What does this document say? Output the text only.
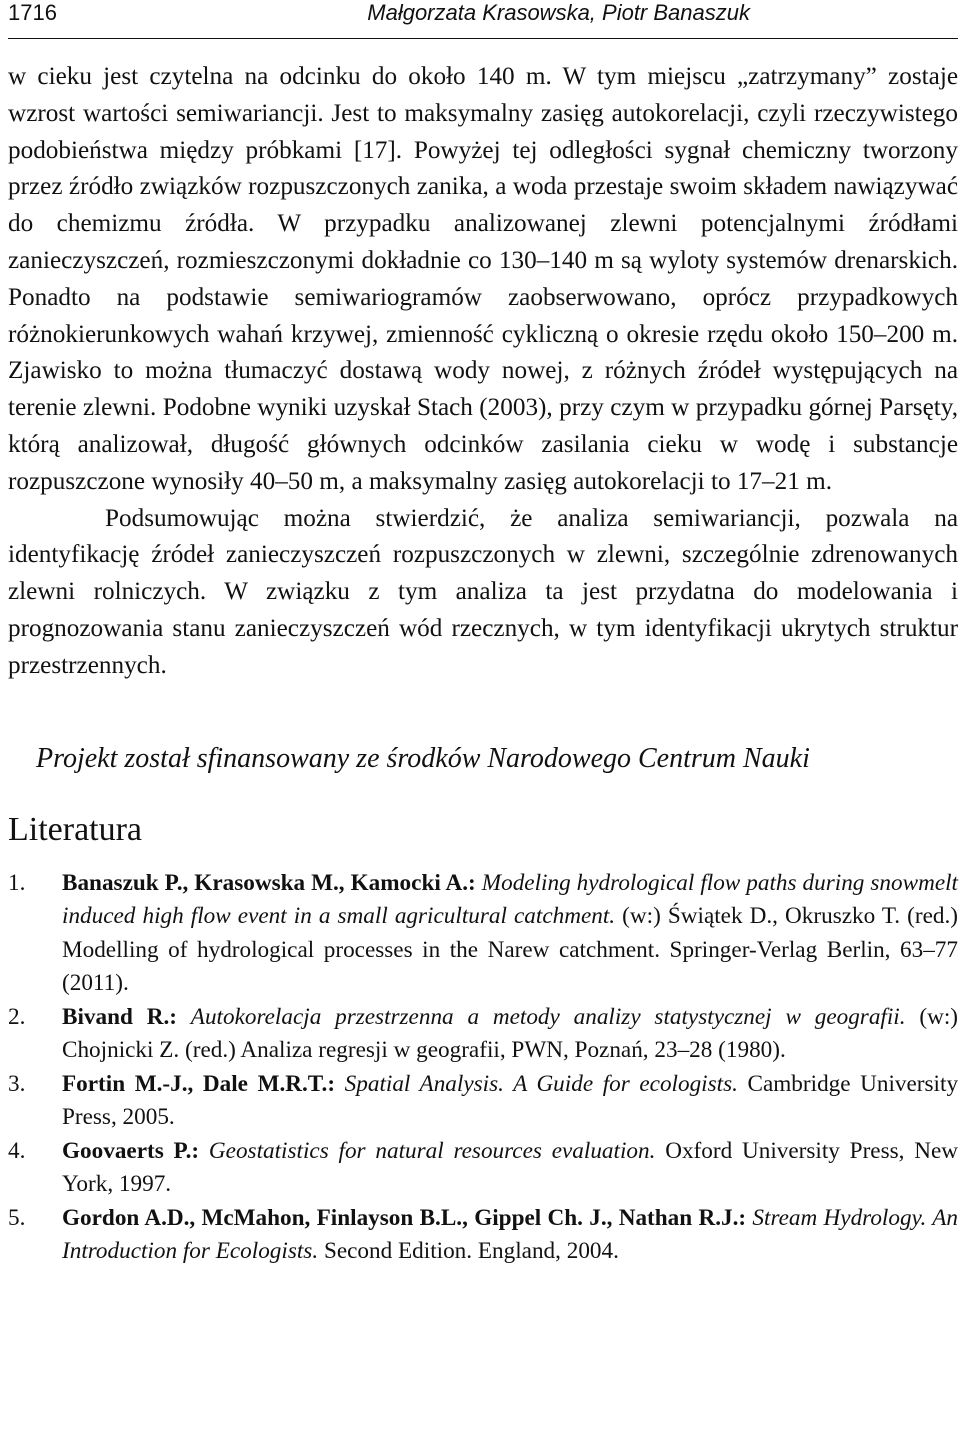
1716	Małgorzata Krasowska, Piotr Banaszuk

w cieku jest czytelna na odcinku do około 140 m. W tym miejscu „zatrzymany” zostaje wzrost wartości semiwariancji. Jest to maksymalny zasięg autokorelacji, czyli rzeczywistego podobieństwa między próbkami [17]. Powyżej tej odległości sygnał chemiczny tworzony przez źródło związków rozpuszczonych zanika, a woda przestaje swoim składem nawiązywać do chemizmu źródła. W przypadku analizowanej zlewni potencjalnymi źródłami zanieczyszczeń, rozmieszczonymi dokładnie co 130–140 m są wyloty systemów drenarskich. Ponadto na podstawie semiwariogramów zaobserwowano, oprócz przypadkowych różnokierunkowych wahań krzywej, zmienność cykliczną o okresie rzędu około 150–200 m. Zjawisko to można tłumaczyć dostawą wody nowej, z różnych źródeł występujących na terenie zlewni. Podobne wyniki uzyskał Stach (2003), przy czym w przypadku górnej Parsęty, którą analizował, długość głównych odcinków zasilania cieku w wodę i substancje rozpuszczone wynosiły 40–50 m, a maksymalny zasięg autokorelacji to 17–21 m.

Podsumowując można stwierdzić, że analiza semiwariancji, pozwala na identyfikację źródeł zanieczyszczeń rozpuszczonych w zlewni, szczególnie zdrenowanych zlewni rolniczych. W związku z tym analiza ta jest przydatna do modelowania i prognozowania stanu zanieczyszczeń wód rzecznych, w tym identyfikacji ukrytych struktur przestrzennych.

Projekt został sfinansowany ze środków Narodowego Centrum Nauki
Literatura
1. Banaszuk P., Krasowska M., Kamocki A.: Modeling hydrological flow paths during snowmelt induced high flow event in a small agricultural catchment. (w:) Świątek D., Okruszko T. (red.) Modelling of hydrological processes in the Narew catchment. Springer-Verlag Berlin, 63–77 (2011).
2. Bivand R.: Autokorelacja przestrzenna a metody analizy statystycznej w geografii. (w:) Chojnicki Z. (red.) Analiza regresji w geografii, PWN, Poznań, 23–28 (1980).
3. Fortin M.-J., Dale M.R.T.: Spatial Analysis. A Guide for ecologists. Cambridge University Press, 2005.
4. Goovaerts P.: Geostatistics for natural resources evaluation. Oxford University Press, New York, 1997.
5. Gordon A.D., McMahon, Finlayson B.L., Gippel Ch. J., Nathan R.J.: Stream Hydrology. An Introduction for Ecologists. Second Edition. England, 2004.
